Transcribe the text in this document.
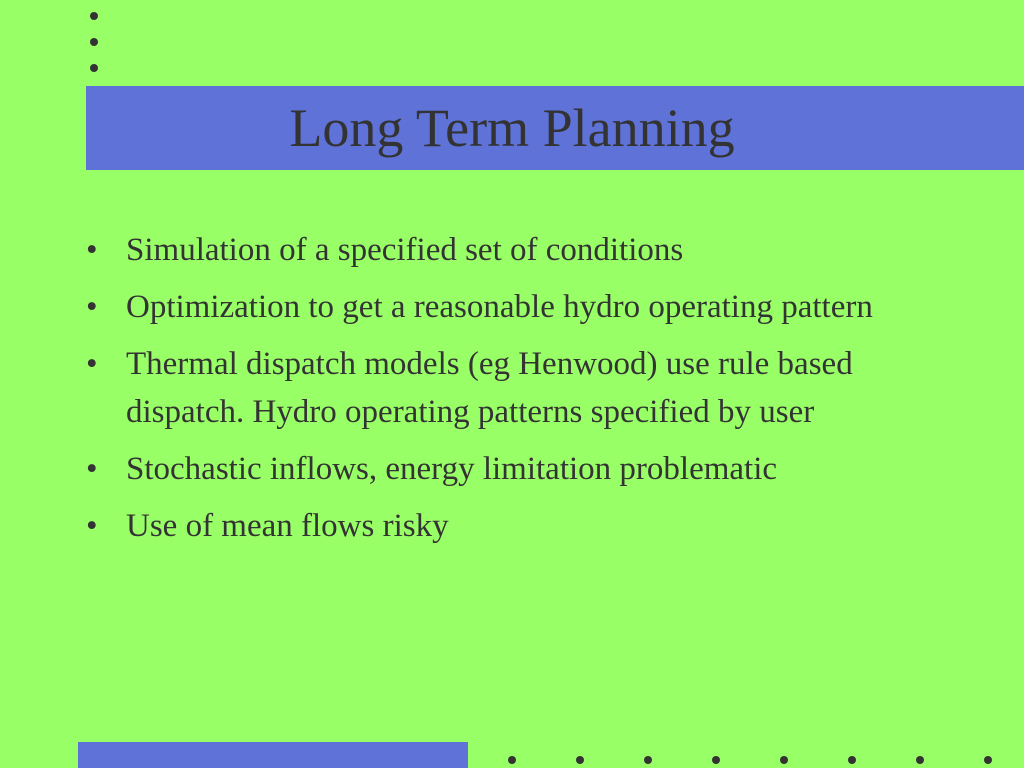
Long Term Planning
• Simulation of a specified set of conditions
• Optimization to get a reasonable hydro operating pattern
• Thermal dispatch models (eg Henwood) use rule based dispatch. Hydro operating patterns specified by user
• Stochastic inflows, energy limitation problematic
• Use of mean flows risky
